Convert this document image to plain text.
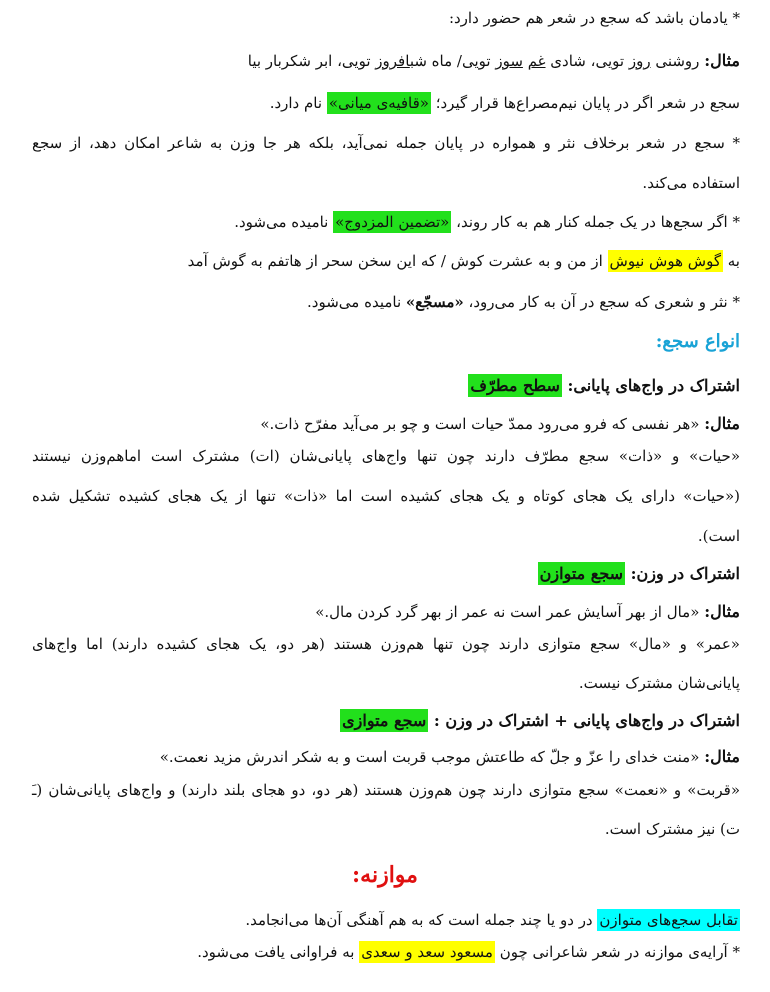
* یادمان باشد که سجع در شعر هم حضور دارد:
مثال: روشنی روز تویی، شادی غم سوز تویی/ ماه شبافروز تویی، ابر شکربار بیا
سجع در شعر اگر در پایان نیم‌مصراع‌ها قرار گیرد؛ «قافیه‌ی میانی» نام دارد.
* سجع در شعر برخلاف نثر و همواره در پایان جمله نمی‌آید، بلکه هر جا وزن به شاعر امکان دهد، از سجع
استفاده می‌کند.
* اگر سجع‌ها در یک جمله کنار هم به کار روند، «تضمین المزدوج» نامیده می‌شود.
به گوش هوش نیوش از من و به عشرت کوش / که این سخن سحر از هاتفم به گوش آمد
* نثر و شعری که سجع در آن به کار می‌رود، «مسجّع» نامیده می‌شود.
انواع سجع:
اشتراک در واج‌های پایانی: سطح مطرّف
مثال: «هر نفسی که فرو می‌رود ممدّ حیات است و چو بر می‌آید مفرّح ذات.»
«حیات» و «ذات» سجع مطرّف دارند چون تنها واج‌های پایانی‌شان (ات) مشترک است اماهم‌وزن نیستند
(«حیات» دارای یک هجای کوتاه و یک هجای کشیده است اما «ذات» تنها از یک هجای کشیده تشکیل شده
است).
اشتراک در وزن: سجع متوازن
مثال: «مال از بهر آسایش عمر است نه عمر از بهر گرد کردن مال.»
«عمر» و «مال» سجع متوازی دارند چون تنها هم‌وزن هستند (هر دو، یک هجای کشیده دارند) اما واج‌های
پایانی‌شان مشترک نیست.
اشتراک در واج‌های پایانی + اشتراک در وزن : سجع متوازی
مثال: «منت خدای را عزّ و جلّ که طاعتش موجب قربت است و به شکر اندرش مزید نعمت.»
«قربت» و «نعمت» سجع متوازی دارند چون هم‌وزن هستند (هر دو، دو هجای بلند دارند) و واج‌های پایانی‌شان (ـَ
ت) نیز مشترک است.
موازنه:
تقابل سجع‌های متوازن در دو یا چند جمله است که به هم آهنگی آن‌ها می‌انجامد.
* آرایه‌ی موازنه در شعر شاعرانی چون مسعود سعد و سعدی به فراوانی یافت می‌شود.
